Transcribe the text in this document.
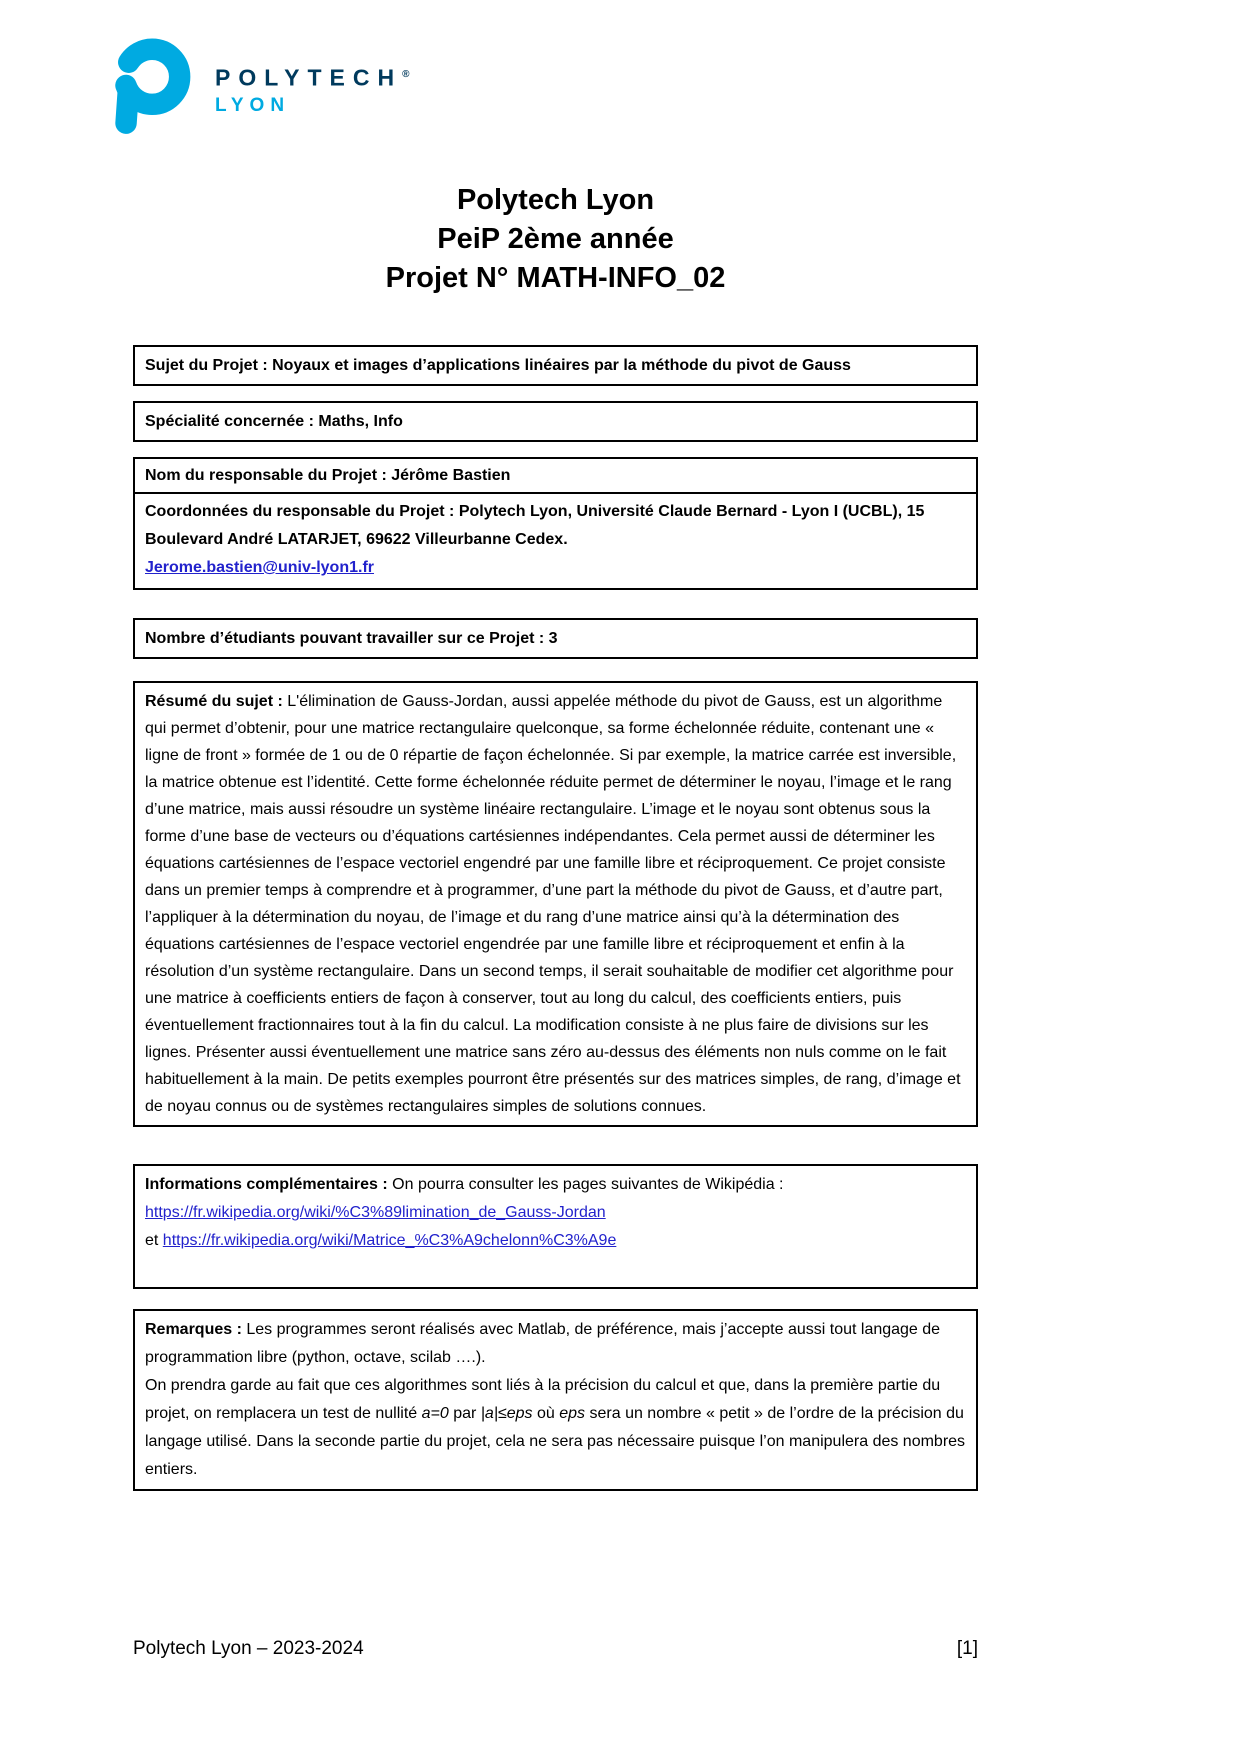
POLYTECH®
LYON
Polytech Lyon
PeiP 2ème année
Projet N° MATH-INFO_02
Sujet du Projet : Noyaux et images d’applications linéaires par la méthode du pivot de Gauss
Spécialité concernée : Maths, Info
Nom du responsable du Projet : Jérôme Bastien
Coordonnées du responsable du Projet : Polytech Lyon, Université Claude Bernard - Lyon I (UCBL), 15 Boulevard André LATARJET, 69622 Villeurbanne Cedex.
Jerome.bastien@univ-lyon1.fr
Nombre d’étudiants pouvant travailler sur ce Projet : 3
Résumé du sujet : L'élimination de Gauss-Jordan, aussi appelée méthode du pivot de Gauss, est un algorithme qui permet d’obtenir, pour une matrice rectangulaire quelconque, sa forme échelonnée réduite, contenant une « ligne de front » formée de 1 ou de 0 répartie de façon échelonnée. Si par exemple, la matrice carrée est inversible, la matrice obtenue est l’identité. Cette forme échelonnée réduite permet de déterminer le noyau, l’image et le rang d’une matrice, mais aussi résoudre un système linéaire rectangulaire. L’image et le noyau sont obtenus sous la forme d’une base de vecteurs ou d’équations cartésiennes indépendantes. Cela permet aussi de déterminer les équations cartésiennes de l’espace vectoriel engendré par une famille libre et réciproquement. Ce projet consiste dans un premier temps à comprendre et à programmer, d’une part la méthode du pivot de Gauss, et d’autre part, l’appliquer à la détermination du noyau, de l’image et du rang d’une matrice ainsi qu’à la détermination des équations cartésiennes de l’espace vectoriel engendrée par une famille libre et réciproquement et enfin à la résolution d’un système rectangulaire. Dans un second temps, il serait souhaitable de modifier cet algorithme pour une matrice à coefficients entiers de façon à conserver, tout au long du calcul, des coefficients entiers, puis éventuellement fractionnaires tout à la fin du calcul. La modification consiste à ne plus faire de divisions sur les lignes. Présenter aussi éventuellement une matrice sans zéro au-dessus des éléments non nuls comme on le fait habituellement à la main. De petits exemples pourront être présentés sur des matrices simples, de rang, d’image et de noyau connus ou de systèmes rectangulaires simples de solutions connues.
Informations complémentaires : On pourra consulter les pages suivantes de Wikipédia :
https://fr.wikipedia.org/wiki/%C3%89limination_de_Gauss-Jordan
et https://fr.wikipedia.org/wiki/Matrice_%C3%A9chelonn%C3%A9e
Remarques : Les programmes seront réalisés avec Matlab, de préférence, mais j’accepte aussi tout langage de programmation libre (python, octave, scilab ….).
On prendra garde au fait que ces algorithmes sont liés à la précision du calcul et que, dans la première partie du projet, on remplacera un test de nullité a=0 par |a|≤eps où eps sera un nombre « petit » de l’ordre de la précision du langage utilisé. Dans la seconde partie du projet, cela ne sera pas nécessaire puisque l’on manipulera des nombres entiers.
Polytech Lyon – 2023-2024	[1]
